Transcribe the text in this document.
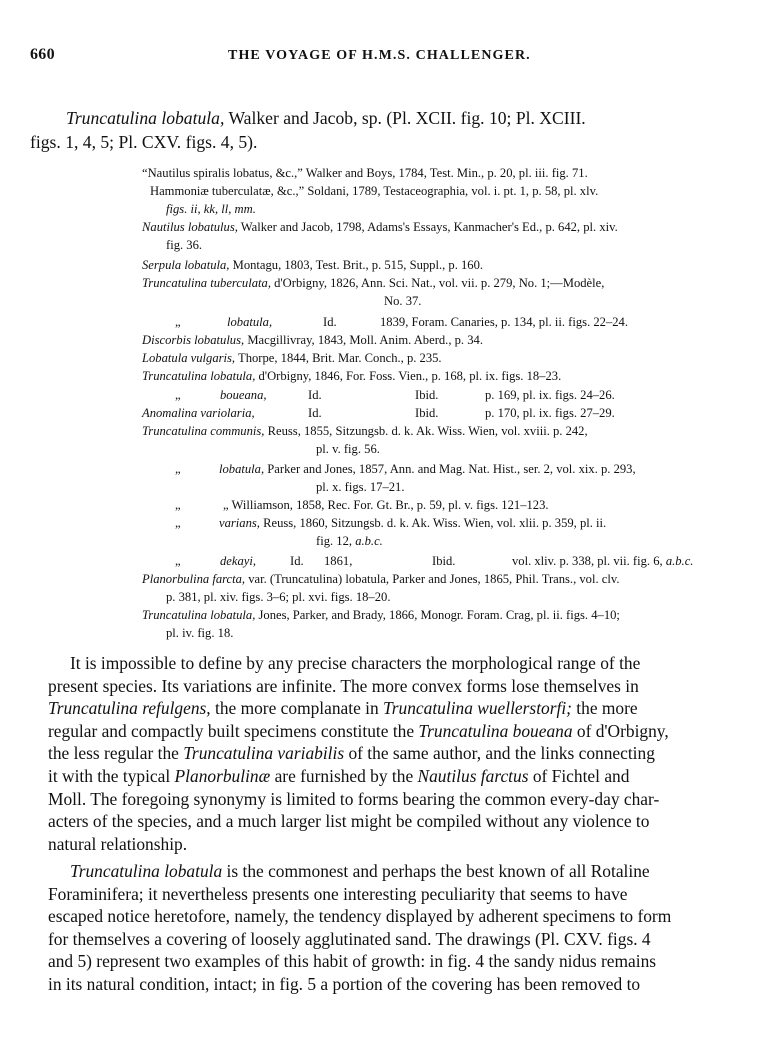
660	THE VOYAGE OF H.M.S. CHALLENGER.
Truncatulina lobatula, Walker and Jacob, sp. (Pl. XCII. fig. 10; Pl. XCIII.
figs. 1, 4, 5; Pl. CXV. figs. 4, 5).
“Nautilus spiralis lobatus, &c.,” Walker and Boys, 1784, Test. Min., p. 20, pl. iii. fig. 71.
Hammoniæ tuberculatæ, &c.,” Soldani, 1789, Testaceographia, vol. i. pt. 1, p. 58, pl. xlv.
figs. ii, kk, ll, mm.
Nautilus lobatulus, Walker and Jacob, 1798, Adams's Essays, Kanmacher's Ed., p. 642, pl. xiv.
fig. 36.
Serpula lobatula, Montagu, 1803, Test. Brit., p. 515, Suppl., p. 160.
Truncatulina tuberculata, d'Orbigny, 1826, Ann. Sci. Nat., vol. vii. p. 279, No. 1;—Modèle,
No. 37.
„	lobatula,	Id.	1839, Foram. Canaries, p. 134, pl. ii. figs. 22–24.
Discorbis lobatulus, Macgillivray, 1843, Moll. Anim. Aberd., p. 34.
Lobatula vulgaris, Thorpe, 1844, Brit. Mar. Conch., p. 235.
Truncatulina lobatula, d'Orbigny, 1846, For. Foss. Vien., p. 168, pl. ix. figs. 18–23.
„	boueana,	Id.	Ibid.	p. 169, pl. ix. figs. 24–26.
Anomalina variolaria,	Id.	Ibid.	p. 170, pl. ix. figs. 27–29.
Truncatulina communis, Reuss, 1855, Sitzungsb. d. k. Ak. Wiss. Wien, vol. xviii. p. 242,
pl. v. fig. 56.
„	lobatula, Parker and Jones, 1857, Ann. and Mag. Nat. Hist., ser. 2, vol. xix. p. 293,
pl. x. figs. 17–21.
„	„ Williamson, 1858, Rec. For. Gt. Br., p. 59, pl. v. figs. 121–123.
„	varians, Reuss, 1860, Sitzungsb. d. k. Ak. Wiss. Wien, vol. xlii. p. 359, pl. ii.
fig. 12, a.b.c.
„	dekayi,	Id. 1861,	Ibid.	vol. xliv. p. 338, pl. vii. fig. 6, a.b.c.
Planorbulina farcta, var. (Truncatulina) lobatula, Parker and Jones, 1865, Phil. Trans., vol. clv.
p. 381, pl. xiv. figs. 3–6; pl. xvi. figs. 18–20.
Truncatulina lobatula, Jones, Parker, and Brady, 1866, Monogr. Foram. Crag, pl. ii. figs. 4–10;
pl. iv. fig. 18.

It is impossible to define by any precise characters the morphological range of the
present species. Its variations are infinite. The more convex forms lose themselves in
Truncatulina refulgens, the more complanate in Truncatulina wuellerstorfi; the more
regular and compactly built specimens constitute the Truncatulina boueana of d'Orbigny,
the less regular the Truncatulina variabilis of the same author, and the links connecting
it with the typical Planorbulinæ are furnished by the Nautilus farctus of Fichtel and
Moll. The foregoing synonymy is limited to forms bearing the common every-day char-
acters of the species, and a much larger list might be compiled without any violence to
natural relationship.

Truncatulina lobatula is the commonest and perhaps the best known of all Rotaline
Foraminifera; it nevertheless presents one interesting peculiarity that seems to have
escaped notice heretofore, namely, the tendency displayed by adherent specimens to form
for themselves a covering of loosely agglutinated sand. The drawings (Pl. CXV. figs. 4
and 5) represent two examples of this habit of growth: in fig. 4 the sandy nidus remains
in its natural condition, intact; in fig. 5 a portion of the covering has been removed to
